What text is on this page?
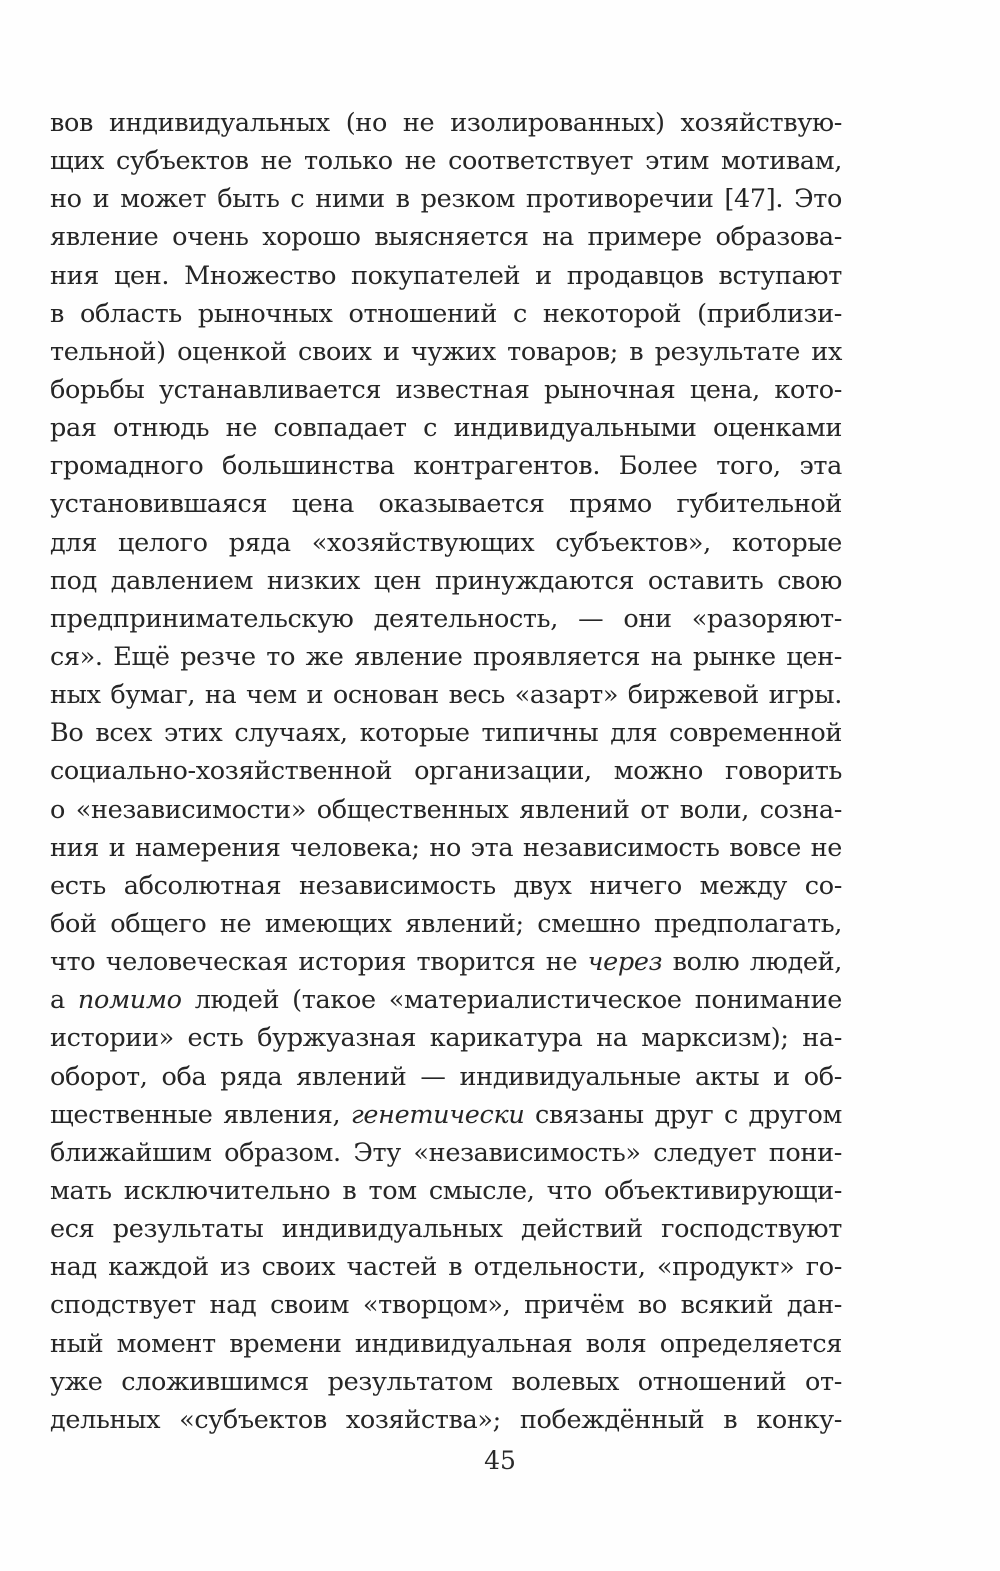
вов индивидуальных (но не изолированных) хозяйствую-
щих субъектов не только не соответствует этим мотивам,
но и может быть с ними в резком противоречии [47]. Это
явление очень хорошо выясняется на примере образова-
ния цен. Множество покупателей и продавцов вступают
в область рыночных отношений с некоторой (приблизи-
тельной) оценкой своих и чужих товаров; в результате их
борьбы устанавливается известная рыночная цена, кото-
рая отнюдь не совпадает с индивидуальными оценками
громадного большинства контрагентов. Более того, эта
установившаяся цена оказывается прямо губительной
для целого ряда «хозяйствующих субъектов», которые
под давлением низких цен принуждаются оставить свою
предпринимательскую деятельность, — они «разоряют-
ся». Ещё резче то же явление проявляется на рынке цен-
ных бумаг, на чем и основан весь «азарт» биржевой игры.
Во всех этих случаях, которые типичны для современной
социально-хозяйственной организации, можно говорить
о «независимости» общественных явлений от воли, созна-
ния и намерения человека; но эта независимость вовсе не
есть абсолютная независимость двух ничего между со-
бой общего не имеющих явлений; смешно предполагать,
что человеческая история творится не через волю людей,
а помимо людей (такое «материалистическое понимание
истории» есть буржуазная карикатура на марксизм); на-
оборот, оба ряда явлений — индивидуальные акты и об-
щественные явления, генетически связаны друг с другом
ближайшим образом. Эту «независимость» следует пони-
мать исключительно в том смысле, что объективирующи-
еся результаты индивидуальных действий господствуют
над каждой из своих частей в отдельности, «продукт» го-
сподствует над своим «творцом», причём во всякий дан-
ный момент времени индивидуальная воля определяется
уже сложившимся результатом волевых отношений от-
дельных «субъектов хозяйства»; побеждённый в конку-
45
